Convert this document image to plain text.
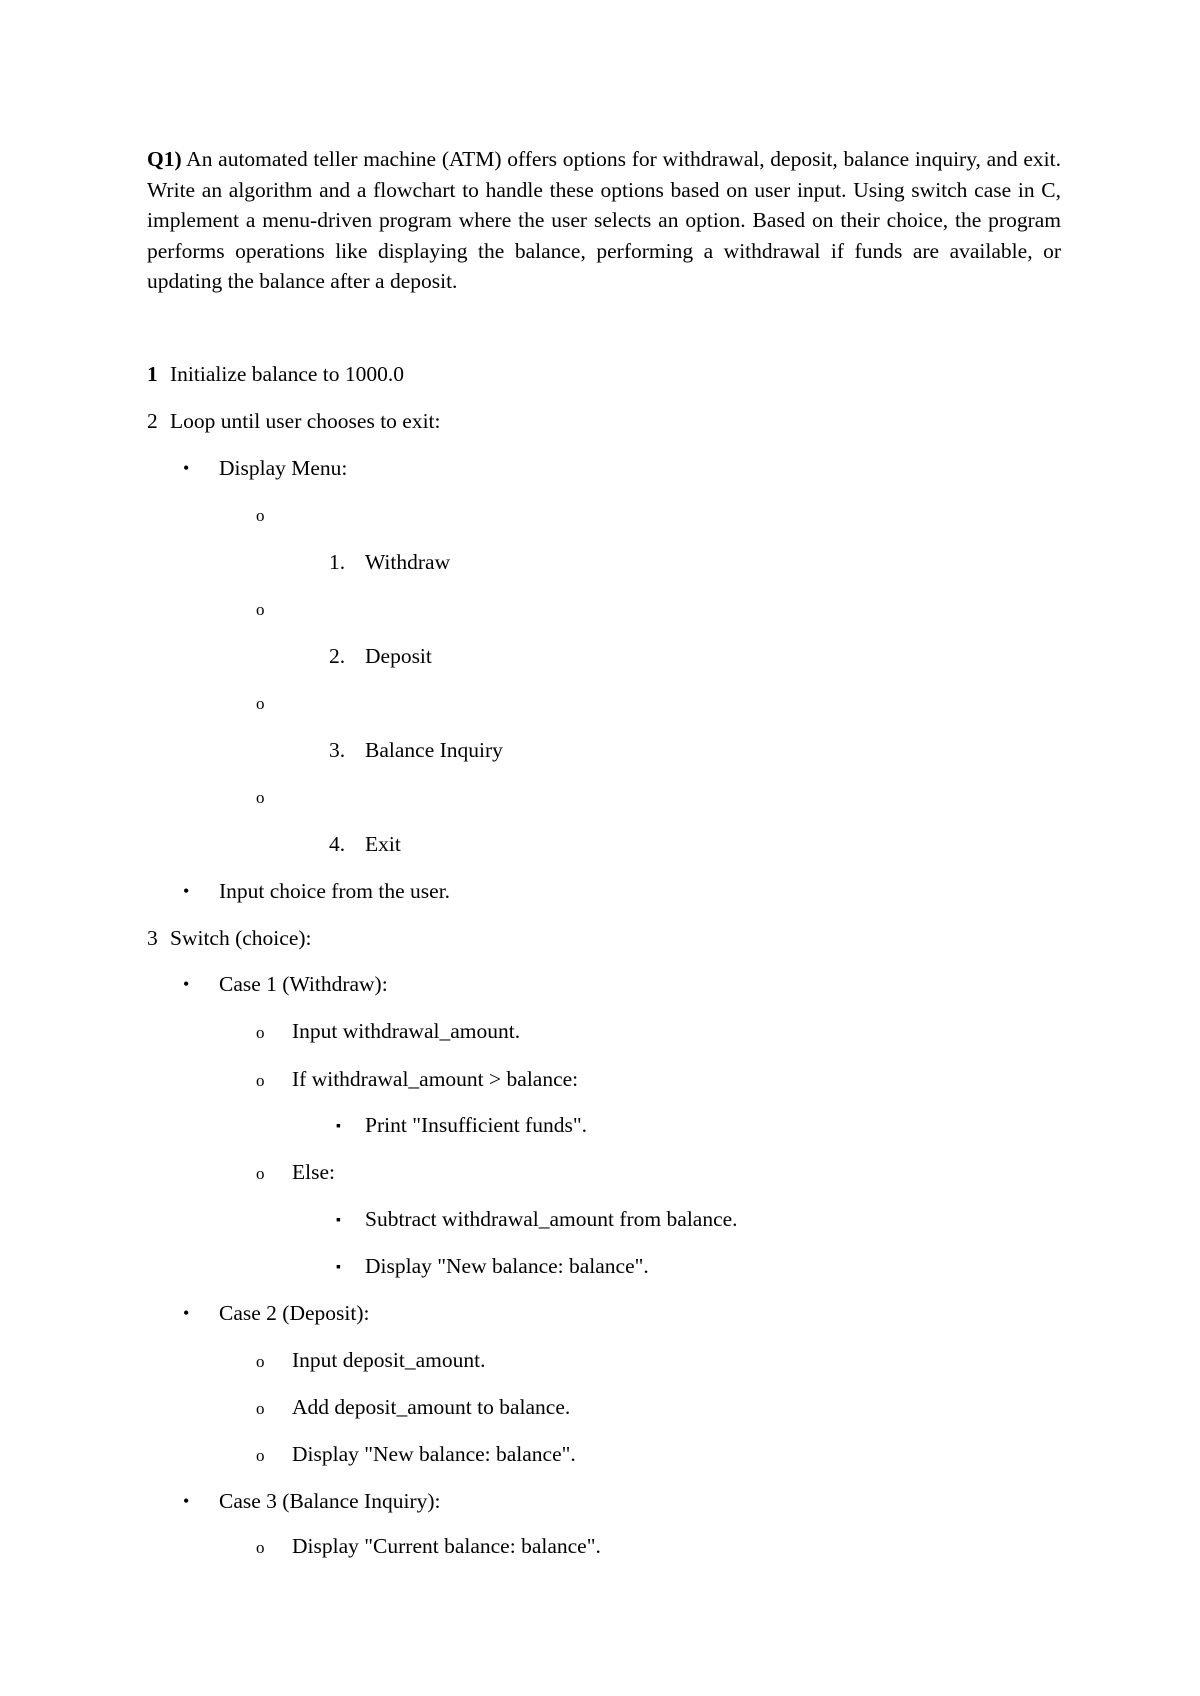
Q1) An automated teller machine (ATM) offers options for withdrawal, deposit, balance inquiry, and exit. Write an algorithm and a flowchart to handle these options based on user input. Using switch case in C, implement a menu-driven program where the user selects an option. Based on their choice, the program performs operations like displaying the balance, performing a withdrawal if funds are available, or updating the balance after a deposit.

1 Initialize balance to 1000.0
2 Loop until user chooses to exit:
• Display Menu:
o
1. Withdraw
o
2. Deposit
o
3. Balance Inquiry
o
4. Exit
• Input choice from the user.
3 Switch (choice):
• Case 1 (Withdraw):
o Input withdrawal_amount.
o If withdrawal_amount > balance:
▪ Print "Insufficient funds".
o Else:
▪ Subtract withdrawal_amount from balance.
▪ Display "New balance: balance".
• Case 2 (Deposit):
o Input deposit_amount.
o Add deposit_amount to balance.
o Display "New balance: balance".
• Case 3 (Balance Inquiry):
o Display "Current balance: balance".
